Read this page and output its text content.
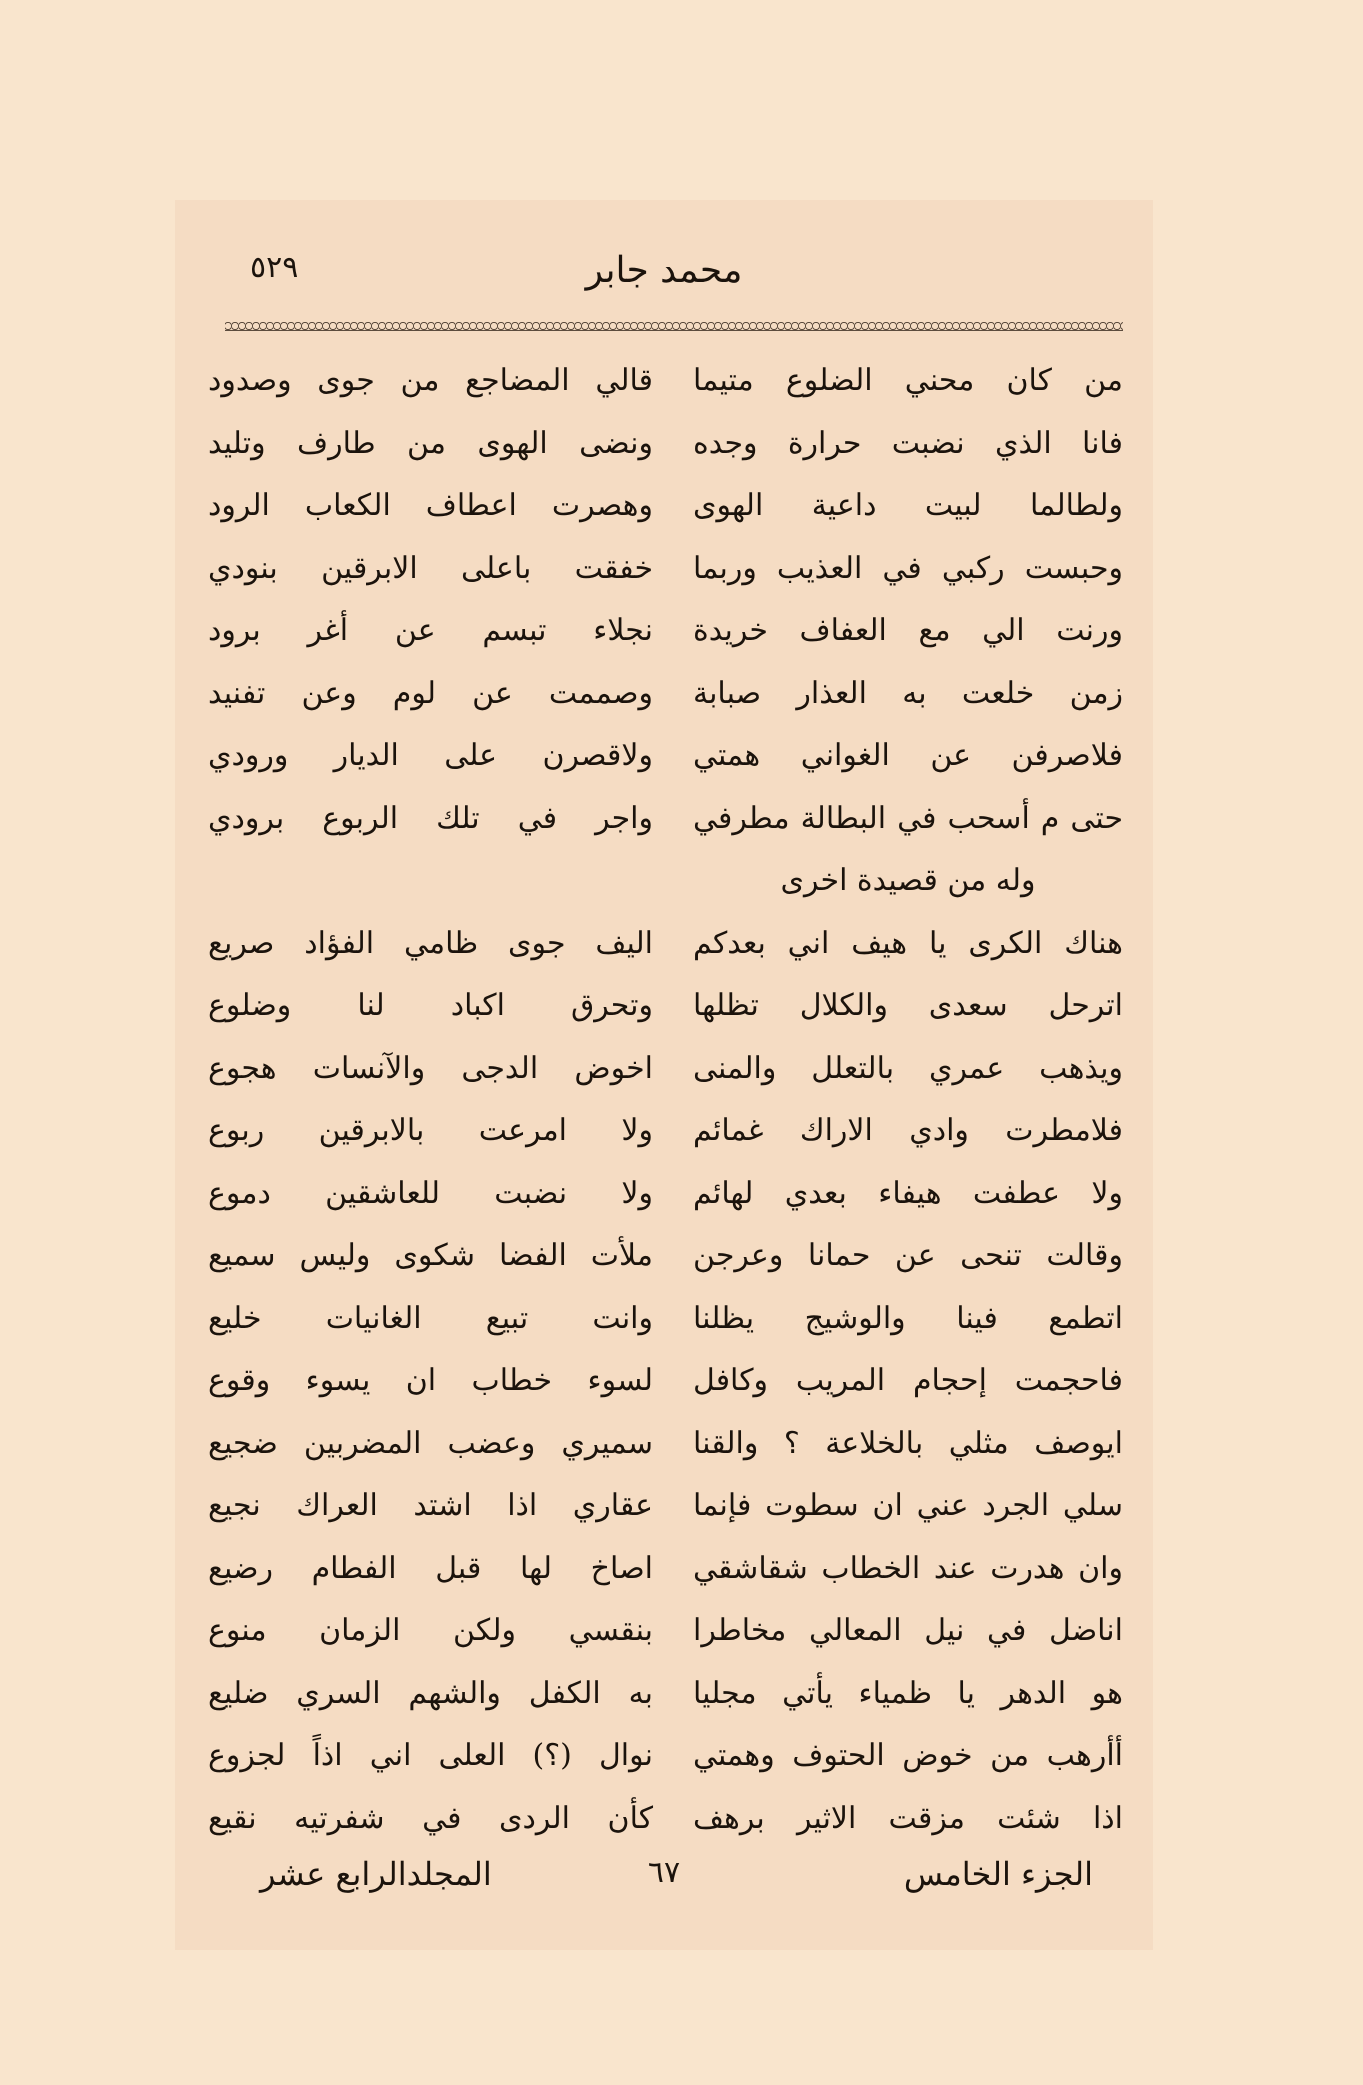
٥٢٩	محمد جابر
من كان محني الضلوع متيما
فانا الذي نضبت حرارة وجده
ولطالما لبيت داعية الهوى
وحبست ركبي في العذيب وربما
ورنت الي مع العفاف خريدة
زمن خلعت به العذار صبابة
فلاصرفن عن الغواني همتي
حتى م أسحب في البطالة مطرفي
وله من قصيدة اخرى
هناك الكرى يا هيف اني بعدكم
اترحل سعدى والكلال تظلها
ويذهب عمري بالتعلل والمنى
فلامطرت وادي الاراك غمائم
ولا عطفت هيفاء بعدي لهائم
وقالت تنحى عن حمانا وعرجن
اتطمع فينا والوشيج يظلنا
فاحجمت إحجام المريب وكافل
ايوصف مثلي بالخلاعة ؟ والقنا
سلي الجرد عني ان سطوت فإنما
وان هدرت عند الخطاب شقاشقي
اناضل في نيل المعالي مخاطرا
هو الدهر يا ظمياء يأتي مجليا
أأرهب من خوض الحتوف وهمتي
اذا شئت مزقت الاثير برهف
قالي المضاجع من جوى وصدود
ونضى الهوى من طارف وتليد
وهصرت اعطاف الكعاب الرود
خفقت باعلى الابرقين بنودي
نجلاء تبسم عن أغر برود
وصممت عن لوم وعن تفنيد
ولاقصرن على الديار ورودي
واجر في تلك الربوع برودي
اليف جوى ظامي الفؤاد صريع
وتحرق اكباد لنا وضلوع
اخوض الدجى والآنسات هجوع
ولا امرعت بالابرقين ربوع
ولا نضبت للعاشقين دموع
ملأت الفضا شكوى وليس سميع
وانت تبيع الغانيات خليع
لسوء خطاب ان يسوء وقوع
سميري وعضب المضربين ضجيع
عقاري اذا اشتد العراك نجيع
اصاخ لها قبل الفطام رضيع
بنقسي ولكن الزمان منوع
به الكفل والشهم السري ضليع
نوال (؟) العلى اني اذاً لجزوع
كأن الردى في شفرتيه نقيع
الجزء الخامس
٦٧
المجلدالرابع عشر
